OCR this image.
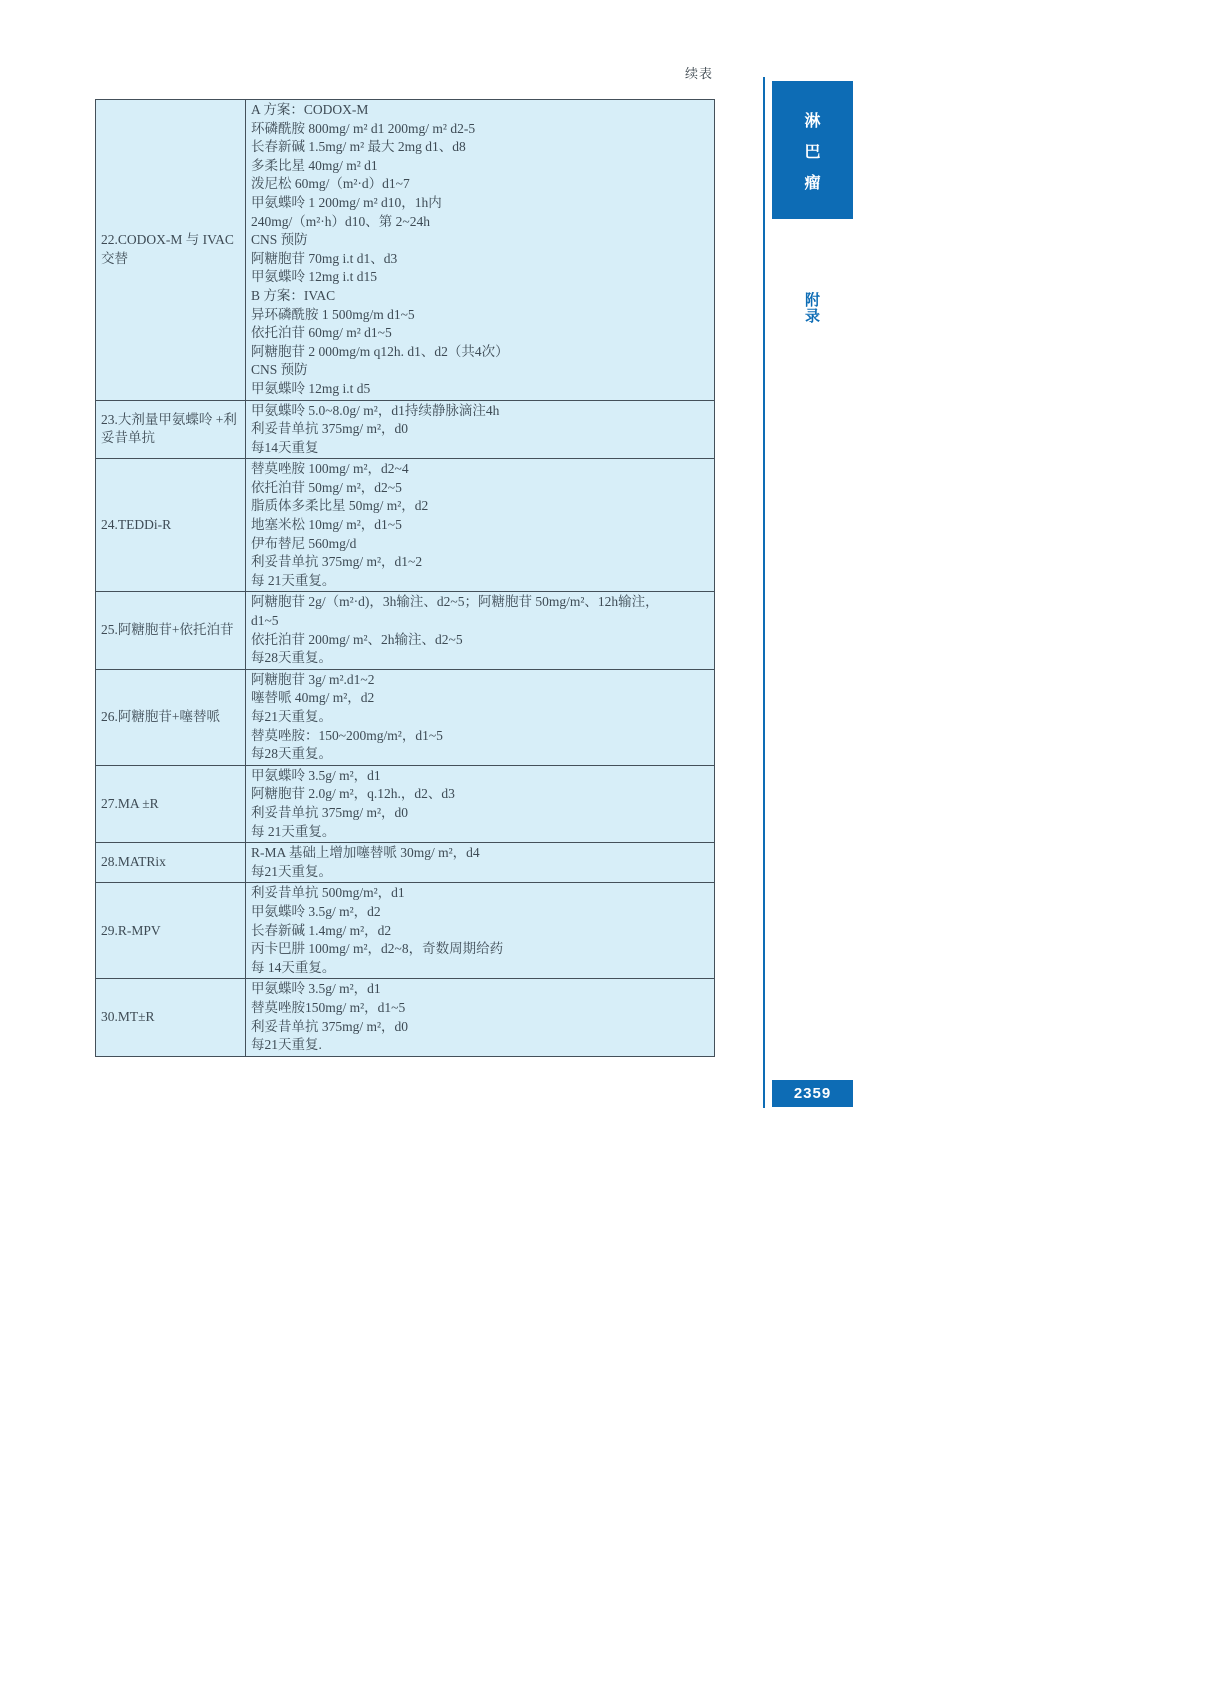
续表
22.CODOX-M 与 IVAC 交替
A 方案：CODOX-M
环磷酰胺 800mg/ m² d1 200mg/ m² d2-5
长春新碱 1.5mg/ m² 最大 2mg d1、d8
多柔比星 40mg/ m² d1
泼尼松 60mg/（m²·d）d1~7
甲氨蝶呤 1 200mg/ m² d10，1h内
240mg/（m²·h）d10、第 2~24h
CNS 预防
阿糖胞苷 70mg i.t d1、d3
甲氨蝶呤 12mg i.t d15
B 方案：IVAC
异环磷酰胺 1 500mg/m d1~5
依托泊苷 60mg/ m² d1~5
阿糖胞苷 2 000mg/m q12h. d1、d2（共4次）
CNS 预防
甲氨蝶呤 12mg i.t d5
23.大剂量甲氨蝶呤 +利妥昔单抗
甲氨蝶呤 5.0~8.0g/ m²，d1持续静脉滴注4h
利妥昔单抗 375mg/ m²，d0
每14天重复
24.TEDDi-R
替莫唑胺 100mg/ m²，d2~4
依托泊苷 50mg/ m²，d2~5
脂质体多柔比星 50mg/ m²，d2
地塞米松 10mg/ m²，d1~5
伊布替尼 560mg/d
利妥昔单抗 375mg/ m²，d1~2
每 21天重复。
25.阿糖胞苷+依托泊苷
阿糖胞苷 2g/（m²·d)，3h输注、d2~5；阿糖胞苷 50mg/m²、12h输注，
d1~5
依托泊苷 200mg/ m²、2h输注、d2~5
每28天重复。
26.阿糖胞苷+噻替哌
阿糖胞苷 3g/ m².d1~2
噻替哌 40mg/ m²，d2
每21天重复。
替莫唑胺：150~200mg/m²，d1~5
每28天重复。
27.MA ±R
甲氨蝶呤 3.5g/ m²，d1
阿糖胞苷 2.0g/ m²，q.12h.，d2、d3
利妥昔单抗 375mg/ m²，d0
每 21天重复。
28.MATRix
R-MA 基础上增加噻替哌 30mg/ m²，d4
每21天重复。
29.R-MPV
利妥昔单抗 500mg/m²，d1
甲氨蝶呤 3.5g/ m²，d2
长春新碱 1.4mg/ m²，d2
丙卡巴肼 100mg/ m²，d2~8，奇数周期给药
每 14天重复。
30.MT±R
甲氨蝶呤 3.5g/ m²，d1
替莫唑胺150mg/ m²，d1~5
利妥昔单抗 375mg/ m²，d0
每21天重复.
淋
巴
瘤
附
录
2359
